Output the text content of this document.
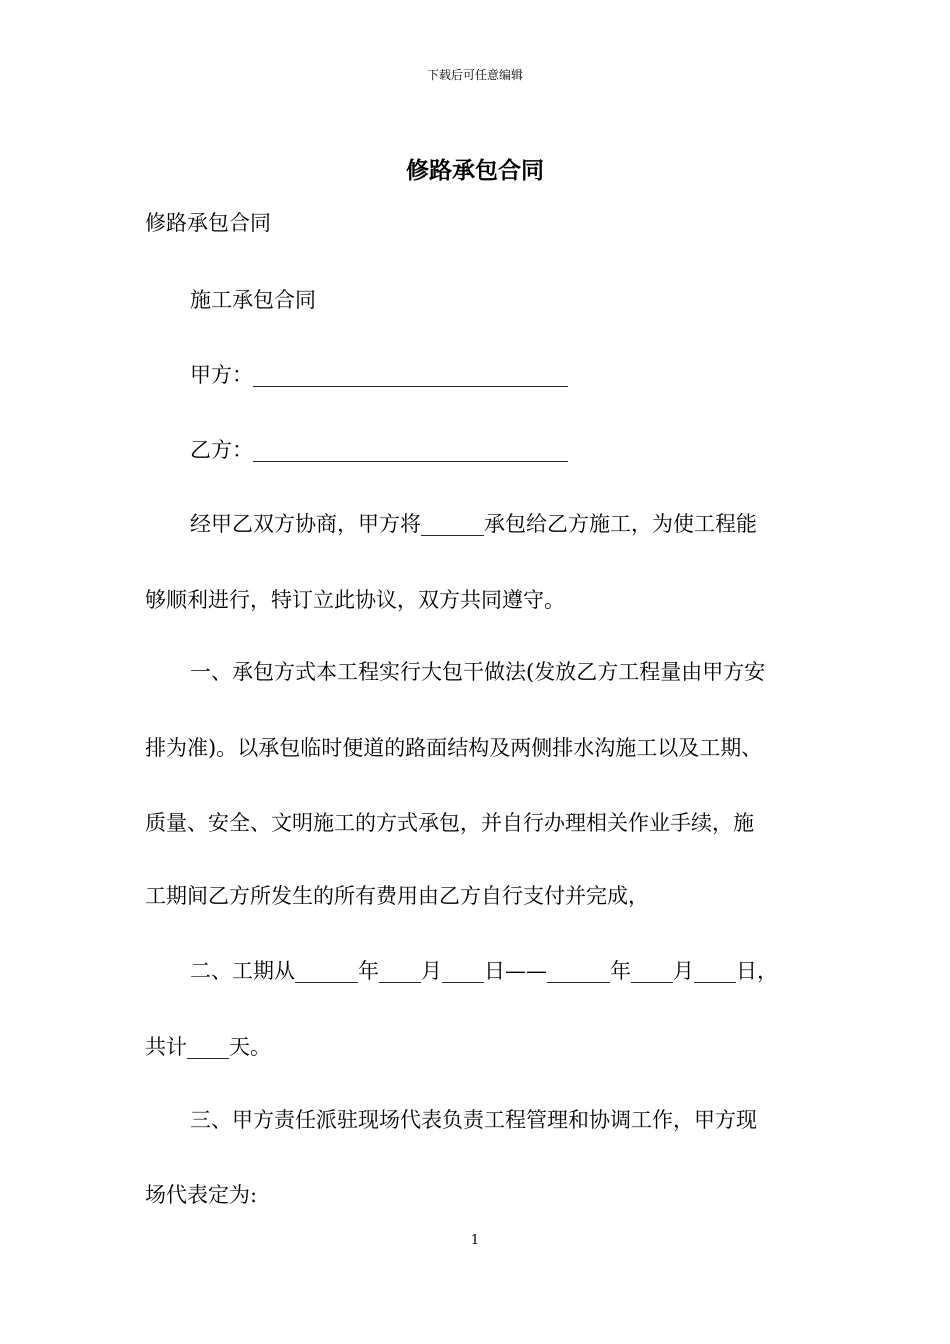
下载后可任意编辑
修路承包合同
修路承包合同
施工承包合同
甲方：______________________________
乙方：______________________________
经甲乙双方协商，甲方将______承包给乙方施工，为使工程能
够顺利进行，特订立此协议，双方共同遵守。
一、承包方式本工程实行大包干做法(发放乙方工程量由甲方安
排为准)。以承包临时便道的路面结构及两侧排水沟施工以及工期、
质量、安全、文明施工的方式承包，并自行办理相关作业手续，施
工期间乙方所发生的所有费用由乙方自行支付并完成，
二、工期从______年____月____日——______年____月____日，
共计____天。
三、甲方责任派驻现场代表负责工程管理和协调工作，甲方现
场代表定为:
1
